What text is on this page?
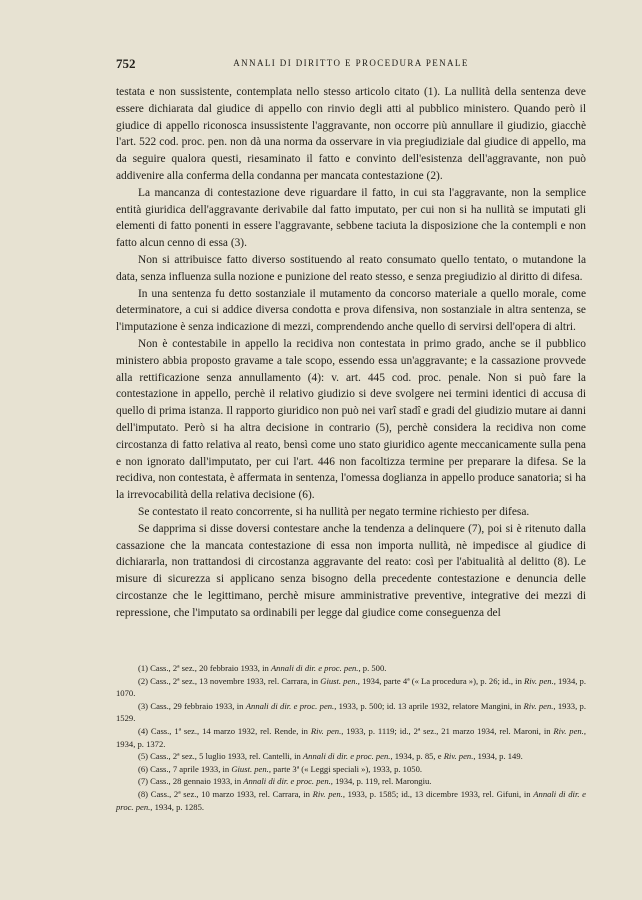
752	ANNALI DI DIRITTO E PROCEDURA PENALE

testata e non sussistente, contemplata nello stesso articolo citato (1). La nullità della sentenza deve essere dichiarata dal giudice di appello con rinvio degli atti al pubblico ministero. Quando però il giudice di appello riconosca insussistente l'aggravante, non occorre più annullare il giudizio, giacchè l'art. 522 cod. proc. pen. non dà una norma da osservare in via pregiudiziale dal giudice di appello, ma da seguire qualora questi, riesaminato il fatto e convinto dell'esistenza dell'aggravante, non può addivenire alla conferma della condanna per mancata contestazione (2).

La mancanza di contestazione deve riguardare il fatto, in cui sta l'aggravante, non la semplice entità giuridica dell'aggravante derivabile dal fatto imputato, per cui non si ha nullità se imputati gli elementi di fatto ponenti in essere l'aggravante, sebbene taciuta la disposizione che la contempli e non fatto alcun cenno di essa (3).

Non si attribuisce fatto diverso sostituendo al reato consumato quello tentato, o mutandone la data, senza influenza sulla nozione e punizione del reato stesso, e senza pregiudizio al diritto di difesa.

In una sentenza fu detto sostanziale il mutamento da concorso materiale a quello morale, come determinatore, a cui si addice diversa condotta e prova difensiva, non sostanziale in altra sentenza, se l'imputazione è senza indicazione di mezzi, comprendendo anche quello di servirsi dell'opera di altri.

Non è contestabile in appello la recidiva non contestata in primo grado, anche se il pubblico ministero abbia proposto gravame a tale scopo, essendo essa un'aggravante; e la cassazione provvede alla rettificazione senza annullamento (4): v. art. 445 cod. proc. penale. Non si può fare la contestazione in appello, perchè il relativo giudizio si deve svolgere nei termini identici di accusa di quello di prima istanza. Il rapporto giuridico non può nei varî stadî e gradi del giudizio mutare ai danni dell'imputato. Però si ha altra decisione in contrario (5), perchè considera la recidiva non come circostanza di fatto relativa al reato, bensì come uno stato giuridico agente meccanicamente sulla pena e non ignorato dall'imputato, per cui l'art. 446 non facoltizza termine per preparare la difesa. Se la recidiva, non contestata, è affermata in sentenza, l'omessa doglianza in appello produce sanatoria; si ha la irrevocabilità della relativa decisione (6).

Se contestato il reato concorrente, si ha nullità per negato termine richiesto per difesa.

Se dapprima si disse doversi contestare anche la tendenza a delinquere (7), poi si è ritenuto dalla cassazione che la mancata contestazione di essa non importa nullità, nè impedisce al giudice di dichiararla, non trattandosi di circostanza aggravante del reato: così per l'abitualità al delitto (8). Le misure di sicurezza si applicano senza bisogno della precedente contestazione e denuncia delle circostanze che le legittimano, perchè misure amministrative preventive, integrative dei mezzi di repressione, che l'imputato sa ordinabili per legge dal giudice come conseguenza del

(1) Cass., 2ª sez., 20 febbraio 1933, in Annali di dir. e proc. pen., p. 500.

(2) Cass., 2ª sez., 13 novembre 1933, rel. Carrara, in Giust. pen., 1934, parte 4ª (« La procedura »), p. 26; id., in Riv. pen., 1934, p. 1070.

(3) Cass., 29 febbraio 1933, in Annali di dir. e proc. pen., 1933, p. 500; id. 13 aprile 1932, relatore Mangini, in Riv. pen., 1933, p. 1529.

(4) Cass., 1ª sez., 14 marzo 1932, rel. Rende, in Riv. pen., 1933, p. 1119; id., 2ª sez., 21 marzo 1934, rel. Maroni, in Riv. pen., 1934, p. 1372.

(5) Cass., 2ª sez., 5 luglio 1933, rel. Cantelli, in Annali di dir. e proc. pen., 1934, p. 85, e Riv. pen., 1934, p. 149.

(6) Cass., 7 aprile 1933, in Giust. pen., parte 3ª (« Leggi speciali »), 1933, p. 1050.

(7) Cass., 28 gennaio 1933, in Annali di dir. e proc. pen., 1934, p. 119, rel. Marongiu.

(8) Cass., 2ª sez., 10 marzo 1933, rel. Carrara, in Riv. pen., 1933, p. 1585; id., 13 dicembre 1933, rel. Gifuni, in Annali di dir. e proc. pen., 1934, p. 1285.
